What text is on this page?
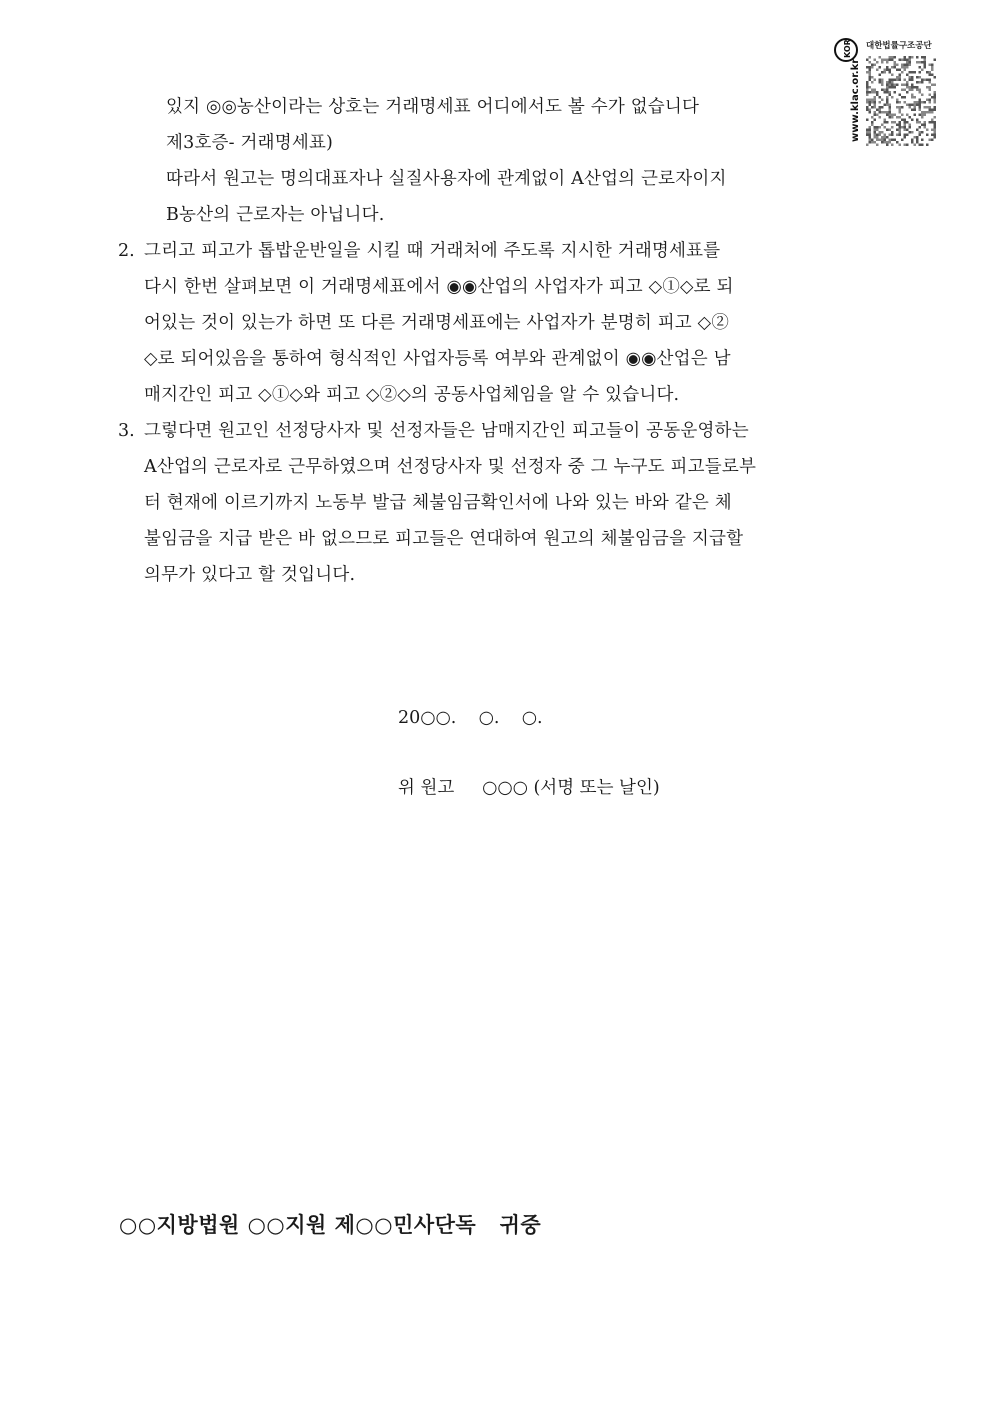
www.klac.or.kr
KOR 대한법률구조공단
있지 ◎◎농산이라는 상호는 거래명세표 어디에서도 볼 수가 없습니다
제3호증- 거래명세표)
따라서 원고는 명의대표자나 실질사용자에 관계없이 A산업의 근로자이지
B농산의 근로자는 아닙니다.
2. 그리고 피고가 톱밥운반일을 시킬 때 거래처에 주도록 지시한 거래명세표를
다시 한번 살펴보면 이 거래명세표에서 ◉◉산업의 사업자가 피고 ◇①◇로 되
어있는 것이 있는가 하면 또 다른 거래명세표에는 사업자가 분명히 피고 ◇②
◇로 되어있음을 통하여 형식적인 사업자등록 여부와 관계없이 ◉◉산업은 남
매지간인 피고 ◇①◇와 피고 ◇②◇의 공동사업체임을 알 수 있습니다.
3. 그렇다면 원고인 선정당사자 및 선정자들은 남매지간인 피고들이 공동운영하는
A산업의 근로자로 근무하였으며 선정당사자 및 선정자 중 그 누구도 피고들로부
터 현재에 이르기까지 노동부 발급 체불임금확인서에 나와 있는 바와 같은 체
불임금을 지급 받은 바 없으므로 피고들은 연대하여 원고의 체불임금을 지급할
의무가 있다고 할 것입니다.
20○○.    ○.    ○.
위 원고     ○○○ (서명 또는 날인)
○○지방법원 ○○지원 제○○민사단독   귀중
